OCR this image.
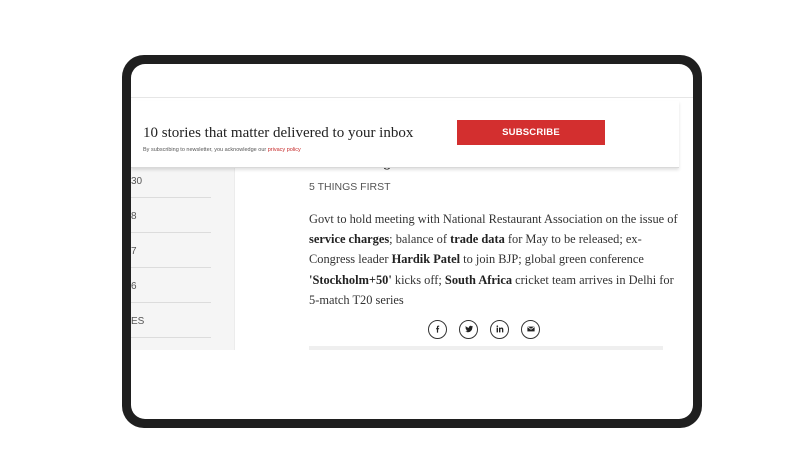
30
8
7
6
ES
10 stories that matter delivered to your inbox
By subscribing to newsletter, you acknowledge our privacy policy
SUBSCRIBE
5 THINGS FIRST
Govt to hold meeting with National Restaurant Association on the issue of service charges; balance of trade data for May to be released; ex-Congress leader Hardik Patel to join BJP; global green conference 'Stockholm+50' kicks off; South Africa cricket team arrives in Delhi for 5-match T20 series
